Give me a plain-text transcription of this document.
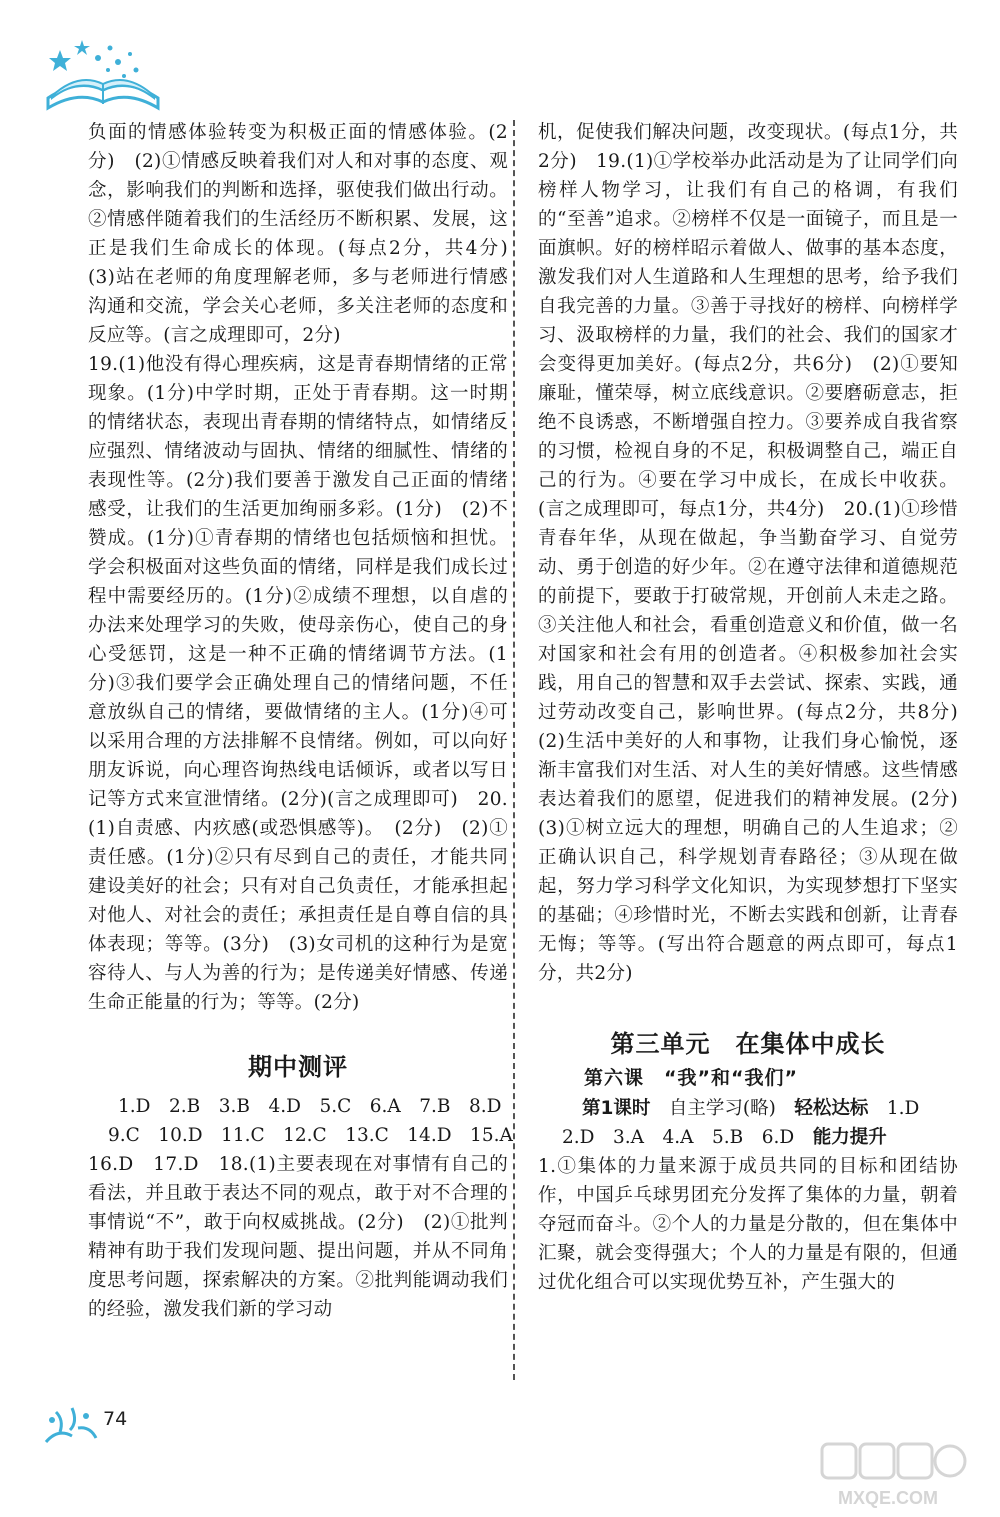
负面的情感体验转变为积极正面的情感体验。(2分)　(2)①情感反映着我们对人和对事的态度、观念，影响我们的判断和选择，驱使我们做出行动。②情感伴随着我们的生活经历不断积累、发展，这正是我们生命成长的体现。(每点2分，共4分)　(3)站在老师的角度理解老师，多与老师进行情感沟通和交流，学会关心老师，多关注老师的态度和反应等。(言之成理即可，2分)

19.(1)他没有得心理疾病，这是青春期情绪的正常现象。(1分)中学时期，正处于青春期。这一时期的情绪状态，表现出青春期的情绪特点，如情绪反应强烈、情绪波动与固执、情绪的细腻性、情绪的表现性等。(2分)我们要善于激发自己正面的情绪感受，让我们的生活更加绚丽多彩。(1分)　(2)不赞成。(1分)①青春期的情绪也包括烦恼和担忧。学会积极面对这些负面的情绪，同样是我们成长过程中需要经历的。(1分)②成绩不理想，以自虐的办法来处理学习的失败，使母亲伤心，使自己的身心受惩罚，这是一种不正确的情绪调节方法。(1分)③我们要学会正确处理自己的情绪问题，不任意放纵自己的情绪，要做情绪的主人。(1分)④可以采用合理的方法排解不良情绪。例如，可以向好朋友诉说，向心理咨询热线电话倾诉，或者以写日记等方式来宣泄情绪。(2分)(言之成理即可)　20.(1)自责感、内疚感(或恐惧感等)。　(2分)　(2)①责任感。(1分)②只有尽到自己的责任，才能共同建设美好的社会；只有对自己负责任，才能承担起对他人、对社会的责任；承担责任是自尊自信的具体表现；等等。(3分)　(3)女司机的这种行为是宽容待人、与人为善的行为；是传递美好情感、传递生命正能量的行为；等等。(2分)

期中测评

1.D　2.B　3.B　4.D　5.C　6.A　7.B　8.D
9.C　10.D　11.C　12.C　13.C　14.D　15.A

16.D　17.D　18.(1)主要表现在对事情有自己的看法，并且敢于表达不同的观点，敢于对不合理的事情说“不”，敢于向权威挑战。(2分)　(2)①批判精神有助于我们发现问题、提出问题，并从不同角度思考问题，探索解决的方案。②批判能调动我们的经验，激发我们新的学习动

机，促使我们解决问题，改变现状。(每点1分，共2分)　19.(1)①学校举办此活动是为了让同学们向榜样人物学习，让我们有自己的格调，有我们的“至善”追求。②榜样不仅是一面镜子，而且是一面旗帜。好的榜样昭示着做人、做事的基本态度，激发我们对人生道路和人生理想的思考，给予我们自我完善的力量。③善于寻找好的榜样、向榜样学习、汲取榜样的力量，我们的社会、我们的国家才会变得更加美好。(每点2分，共6分)　(2)①要知廉耻，懂荣辱，树立底线意识。②要磨砺意志，拒绝不良诱惑，不断增强自控力。③要养成自我省察的习惯，检视自身的不足，积极调整自己，端正自己的行为。④要在学习中成长，在成长中收获。(言之成理即可，每点1分，共4分)　20.(1)①珍惜青春年华，从现在做起，争当勤奋学习、自觉劳动、勇于创造的好少年。②在遵守法律和道德规范的前提下，要敢于打破常规，开创前人未走之路。③关注他人和社会，看重创造意义和价值，做一名对国家和社会有用的创造者。④积极参加社会实践，用自己的智慧和双手去尝试、探索、实践，通过劳动改变自己，影响世界。(每点2分，共8分)　(2)生活中美好的人和事物，让我们身心愉悦，逐渐丰富我们对生活、对人生的美好情感。这些情感表达着我们的愿望，促进我们的精神发展。(2分)　(3)①树立远大的理想，明确自己的人生追求；②正确认识自己，科学规划青春路径；③从现在做起，努力学习科学文化知识，为实现梦想打下坚实的基础；④珍惜时光，不断去实践和创新，让青春无悔；等等。(写出符合题意的两点即可，每点1分，共2分)

第三单元　在集体中成长

第六课　“我”和“我们”

第1课时　 自主学习(略)　 轻松达标　 1.D
2.D　3.A　4.A　5.B　6.D　 能力提升

1.①集体的力量来源于成员共同的目标和团结协作，中国乒乓球男团充分发挥了集体的力量，朝着夺冠而奋斗。②个人的力量是分散的，但在集体中汇聚，就会变得强大；个人的力量是有限的，但通过优化组合可以实现优势互补，产生强大的

74
MXQE.COM
